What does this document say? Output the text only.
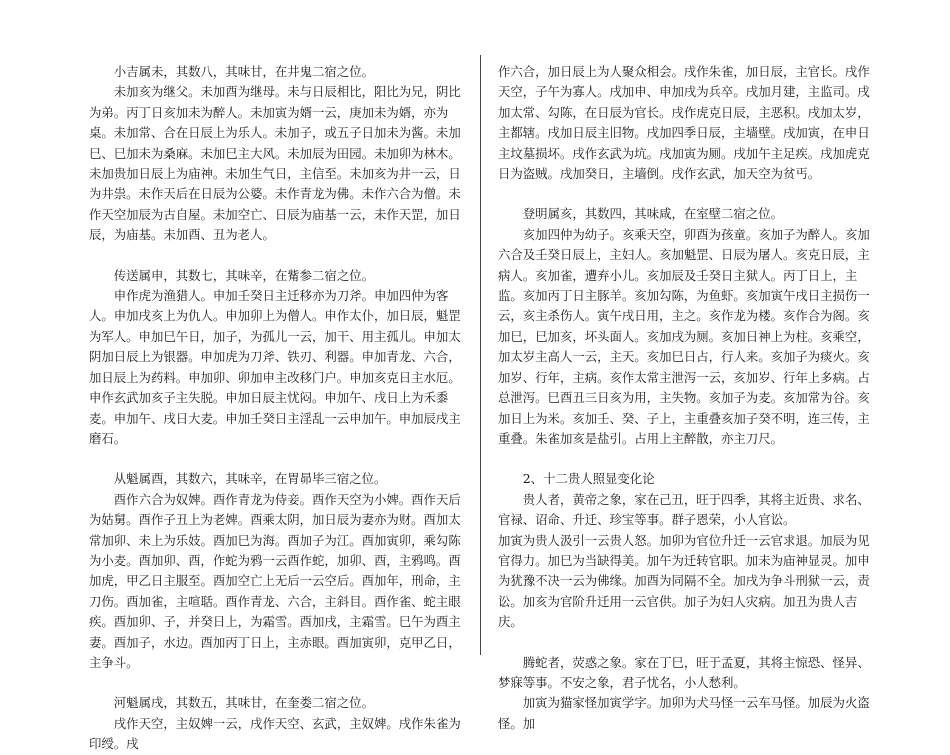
小吉属未，其数八，其味甘，在井鬼二宿之位。

未加亥为继父。未加酉为继母。未与日辰相比，阳比为兄，阴比为弟。丙丁日亥加未为醉人。未加寅为婿一云，庚加未为婿，亦为桌。未加常、合在日辰上为乐人。未加子，或五子日加未为酱。未加巳、巳加未为桑麻。未加巳主大风。未加辰为田园。未加卯为林木。未加贵加日辰上为庙神。未加生气日，主信至。未加亥为井一云，日为井祟。未作天后在日辰为公婆。未作青龙为佛。未作六合为僧。未作天空加辰为古自屋。未加空亡、日辰为庙基一云，未作天罡，加日辰，为庙基。未加酉、丑为老人。

传送属申，其数七，其味辛，在觜参二宿之位。

申作虎为渔猎人。申加壬癸日主迁移亦为刀斧。申加四仲为客人。申加戌亥上为仇人。申加卯上为僧人。申作太仆，加日辰，魁罡为军人。申加巳午日，加子，为孤儿一云，加干、用主孤儿。申加太阴加日辰上为银器。申加虎为刀斧、铁刃、利器。申加青龙、六合，加日辰上为药料。申加卯、卯加申主改移门户。申加亥克日主水厄。申作玄武加亥子主失脱。申加日辰主忧闷。申加午、戌日上为禾黍麦。申加午、戌日大麦。申加壬癸日主淫乱一云申加午。申加辰戌主磨石。

从魁属酉，其数六，其味辛，在胃昴毕三宿之位。

酉作六合为奴婢。酉作青龙为侍妾。酉作天空为小婢。酉作天后为姑舅。酉作子丑上为老婢。酉乘太阴，加日辰为妻亦为财。酉加太常加卯、未上为乐妓。酉加巳为海。酉加子为江。酉加寅卯，乘勾陈为小麦。酉加卯、酉，作蛇为鸦一云酉作蛇，加卯、酉，主鸦鸣。酉加虎，甲乙日主服至。酉加空亡上无后一云空后。酉加年，刑命，主刀伤。酉加雀，主喧聒。酉作青龙、六合，主斜目。酉作雀、蛇主眼疾。酉加卯、子，并癸日上，为霜雪。酉加戌，主霜雪。巳午为酉主妻。酉加子，水边。酉加丙丁日上，主赤眼。酉加寅卯，克甲乙日，主争斗。

河魁属戌，其数五，其味甘，在奎娄二宿之位。

戌作天空，主奴婢一云，戌作天空、玄武，主奴婢。戌作朱雀为印绶。戌

作六合，加日辰上为人聚众相会。戌作朱雀，加日辰，主官长。戌作天空，子午为寡人。戌加申、申加戌为兵卒。戌加月建，主监司。戌加太常、勾陈，在日辰为官长。戌作虎克日辰，主恶积。戌加太岁，主都辖。戌加日辰主旧物。戌加四季日辰，主墙壁。戌加寅，在申日主坟墓损坏。戌作玄武为坑。戌加寅为厕。戌加午主足疾。戌加虎克日为盗贼。戌加癸日，主墙倒。戌作玄武，加天空为贫丐。

登明属亥，其数四，其味咸，在室壁二宿之位。

亥加四仲为幼子。亥乘天空，卯酉为孩童。亥加子为醉人。亥加六合及壬癸日辰上，主妇人。亥加魁罡、日辰为屠人。亥克日辰，主病人。亥加雀，遭弃小儿。亥加辰及壬癸日主狱人。丙丁日上，主监。亥加丙丁日主豚羊。亥加勾陈，为鱼虾。亥加寅午戌日主损伤一云，亥主杀伤人。寅午戌日用，主之。亥作龙为楼。亥作合为阁。亥加巳，巳加亥，坏头面人。亥加戌为厕。亥加日神上为柱。亥乘空，加太岁主高人一云，主天。亥加巳日占，行人来。亥加子为痰火。亥加岁、行年，主病。亥作太常主泄泻一云，亥加岁、行年上多病。占总泄泻。巳酉丑三日亥为用，主失物。亥加子为麦。亥加常为谷。亥加日上为米。亥加壬、癸、子上，主重叠亥加子癸不明，连三传，主重叠。朱雀加亥是盐引。占用上主醉散，亦主刀尺。

2、十二贵人照显变化论

贵人者，黄帝之象，家在己丑，旺于四季，其将主近贵、求名、官禄、诏命、升迁、珍宝等事。群子恩荣，小人官讼。

加寅为贵人汲引一云贵人怒。加卯为官位升迁一云官求退。加辰为见官得力。加巳为当缺得美。加午为迁转官职。加未为庙神显灵。加申为犹豫不决一云为佛缘。加酉为同隔不全。加戌为争斗刑狱一云，责讼。加亥为官阶升迁用一云官供。加子为妇人灾病。加丑为贵人吉庆。

腾蛇者，荧惑之象。家在丁巳，旺于孟夏，其将主惊恐、怪异、梦寐等事。不安之象，君子忧名，小人愁利。

加寅为猫家怪加寅学字。加卯为犬马怪一云车马怪。加辰为火盗怪。加
